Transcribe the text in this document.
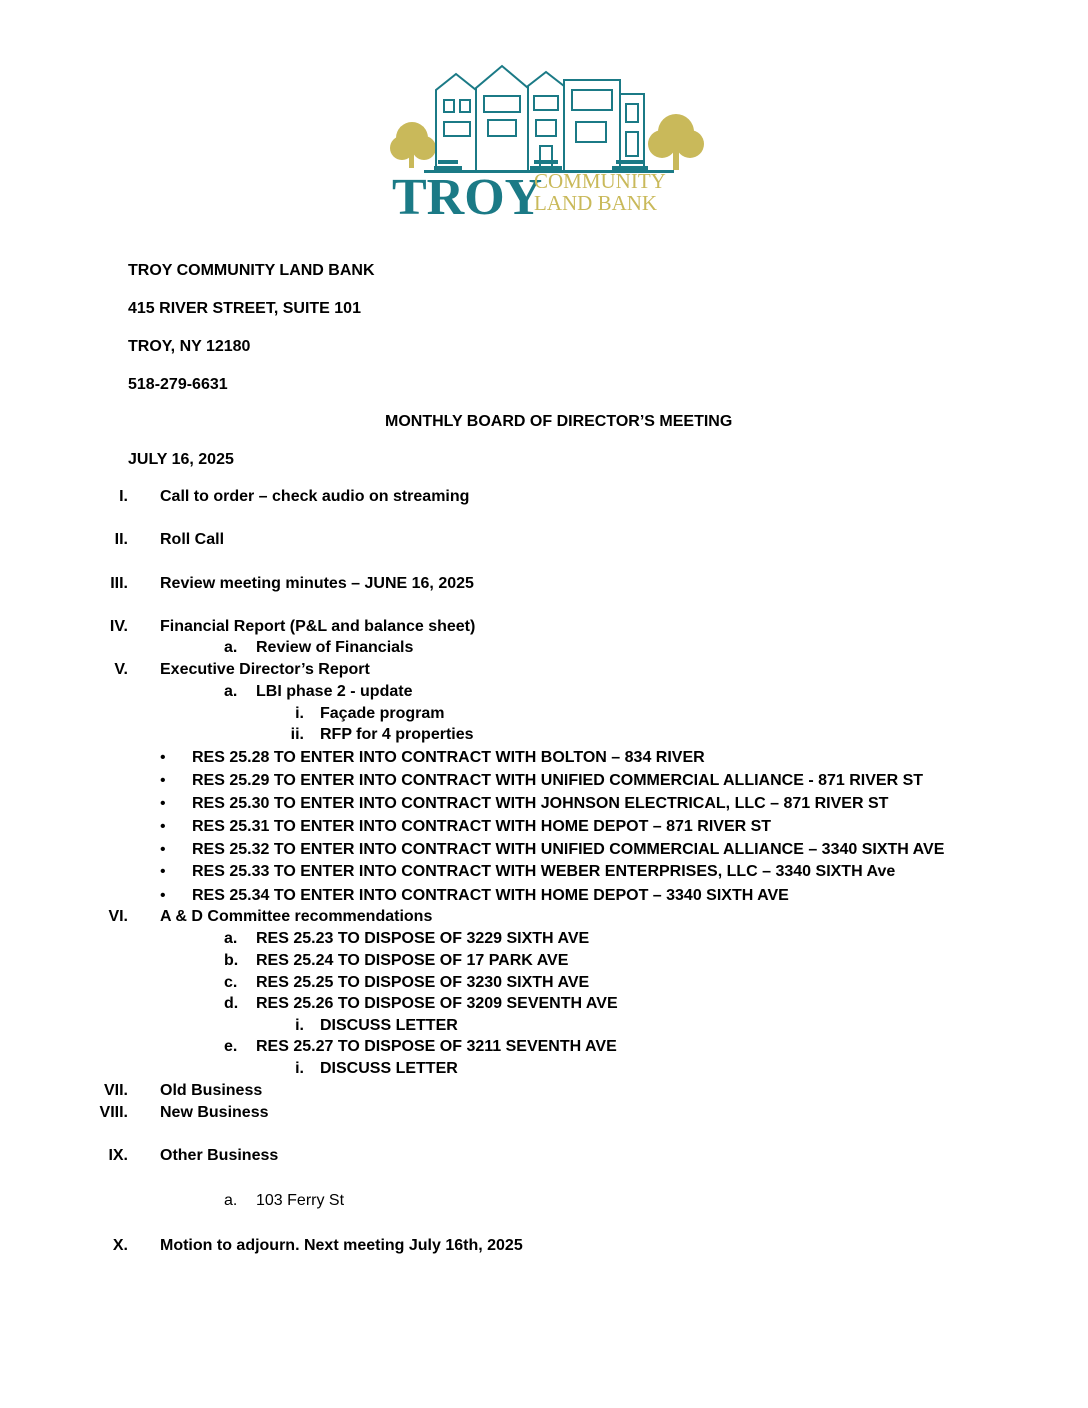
TROY
COMMUNITY
LAND BANK
TROY COMMUNITY LAND BANK
415 RIVER STREET, SUITE 101
TROY, NY 12180
518-279-6631
MONTHLY BOARD OF DIRECTOR’S MEETING
JULY 16, 2025
I. Call to order – check audio on streaming
II. Roll Call
III. Review meeting minutes – JUNE 16, 2025
IV. Financial Report (P&L and balance sheet)
a. Review of Financials
V. Executive Director’s Report
a. LBI phase 2 - update
i. Façade program
ii. RFP for 4 properties
• RES 25.28 TO ENTER INTO CONTRACT WITH BOLTON – 834 RIVER
• RES 25.29 TO ENTER INTO CONTRACT WITH UNIFIED COMMERCIAL ALLIANCE - 871 RIVER ST
• RES 25.30 TO ENTER INTO CONTRACT WITH JOHNSON ELECTRICAL, LLC – 871 RIVER ST
• RES 25.31 TO ENTER INTO CONTRACT WITH HOME DEPOT – 871 RIVER ST
• RES 25.32 TO ENTER INTO CONTRACT WITH UNIFIED COMMERCIAL ALLIANCE – 3340 SIXTH AVE
• RES 25.33 TO ENTER INTO CONTRACT WITH WEBER ENTERPRISES, LLC – 3340 SIXTH Ave
• RES 25.34 TO ENTER INTO CONTRACT WITH HOME DEPOT – 3340 SIXTH AVE
VI. A & D Committee recommendations
a. RES 25.23 TO DISPOSE OF 3229 SIXTH AVE
b. RES 25.24 TO DISPOSE OF 17 PARK AVE
c. RES 25.25 TO DISPOSE OF 3230 SIXTH AVE
d. RES 25.26 TO DISPOSE OF 3209 SEVENTH AVE
i. DISCUSS LETTER
e. RES 25.27 TO DISPOSE OF 3211 SEVENTH AVE
i. DISCUSS LETTER
VII. Old Business
VIII. New Business
IX. Other Business
a. 103 Ferry St
X. Motion to adjourn. Next meeting July 16th, 2025
